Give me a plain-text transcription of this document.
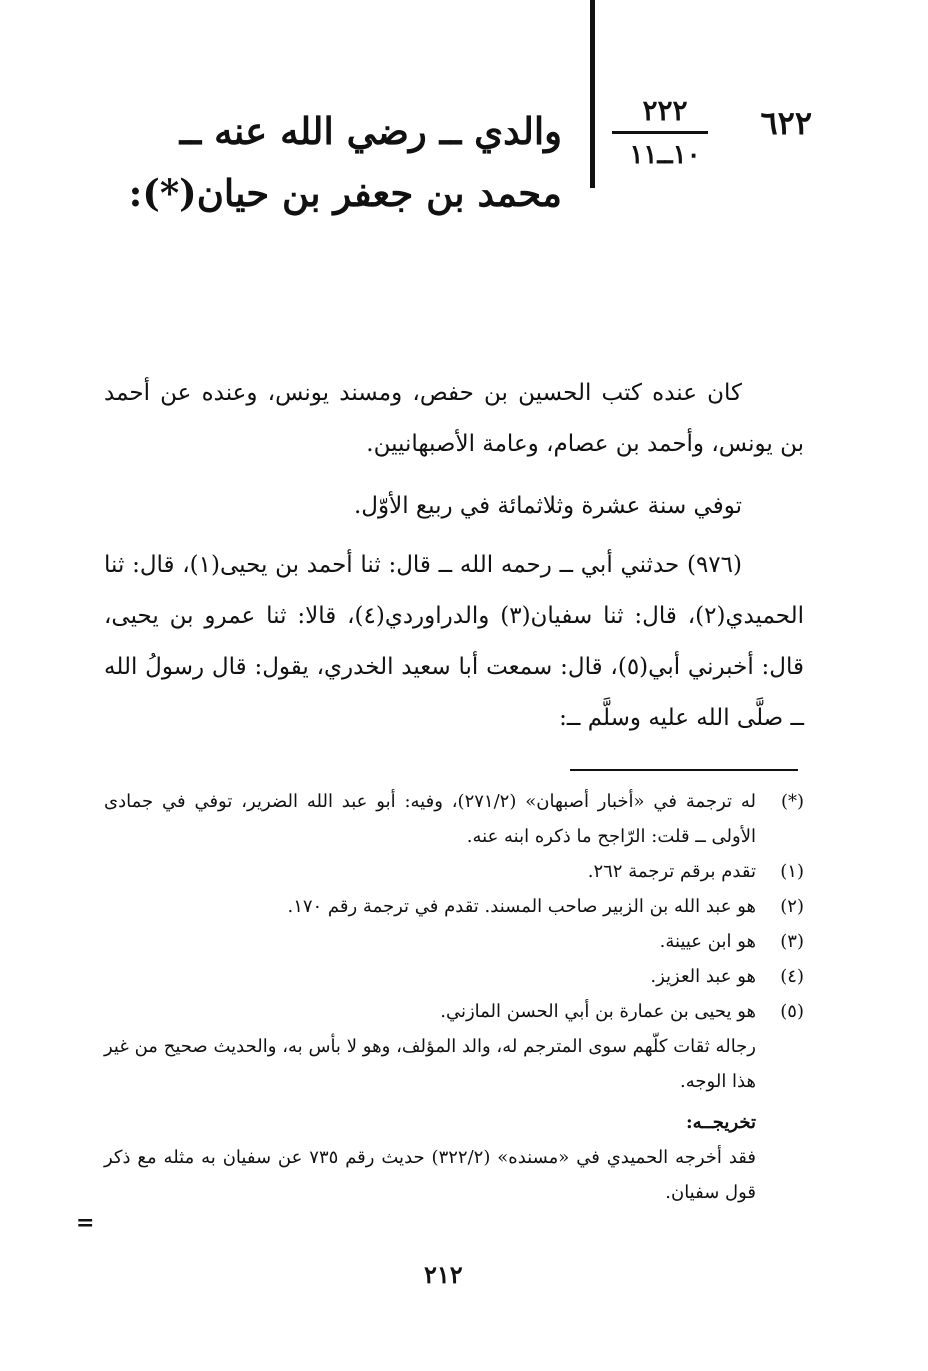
والدي ــ رضي الله عنه ــ محمد بن جعفر بن حيان(*):
٦٢٢
٢٢٢
١٠ــ١١
كان عنده كتب الحسين بن حفص، ومسند يونس، وعنده عن أحمد بن يونس، وأحمد بن عصام، وعامة الأصبهانيين.
توفي سنة عشرة وثلاثمائة في ربيع الأوّل.
(٩٧٦) حدثني أبي ــ رحمه الله ــ قال: ثنا أحمد بن يحيى(١)، قال: ثنا الحميدي(٢)، قال: ثنا سفيان(٣) والدراوردي(٤)، قالا: ثنا عمرو بن يحيى، قال: أخبرني أبي(٥)، قال: سمعت أبا سعيد الخدري، يقول: قال رسولُ الله ــ صلَّى الله عليه وسلَّم ــ:
(*)
له ترجمة في «أخبار أصبهان» (٢٧١/٢)، وفيه: أبو عبد الله الضرير، توفي في جمادى الأولى ــ قلت: الرّاجح ما ذكره ابنه عنه.
(١)
تقدم برقم ترجمة ٢٦٢.
(٢)
هو عبد الله بن الزبير صاحب المسند. تقدم في ترجمة رقم ١٧٠.
(٣)
هو ابن عيينة.
(٤)
هو عبد العزيز.
(٥)
هو يحيى بن عمارة بن أبي الحسن المازني.
رجاله ثقات كلّهم سوى المترجم له، والد المؤلف، وهو لا بأس به، والحديث صحيح من غير هذا الوجه.
تخريجــه:
فقد أخرجه الحميدي في «مسنده» (٣٢٢/٢) حديث رقم ٧٣٥ عن سفيان به مثله مع ذكر قول سفيان.
=
٢١٢
